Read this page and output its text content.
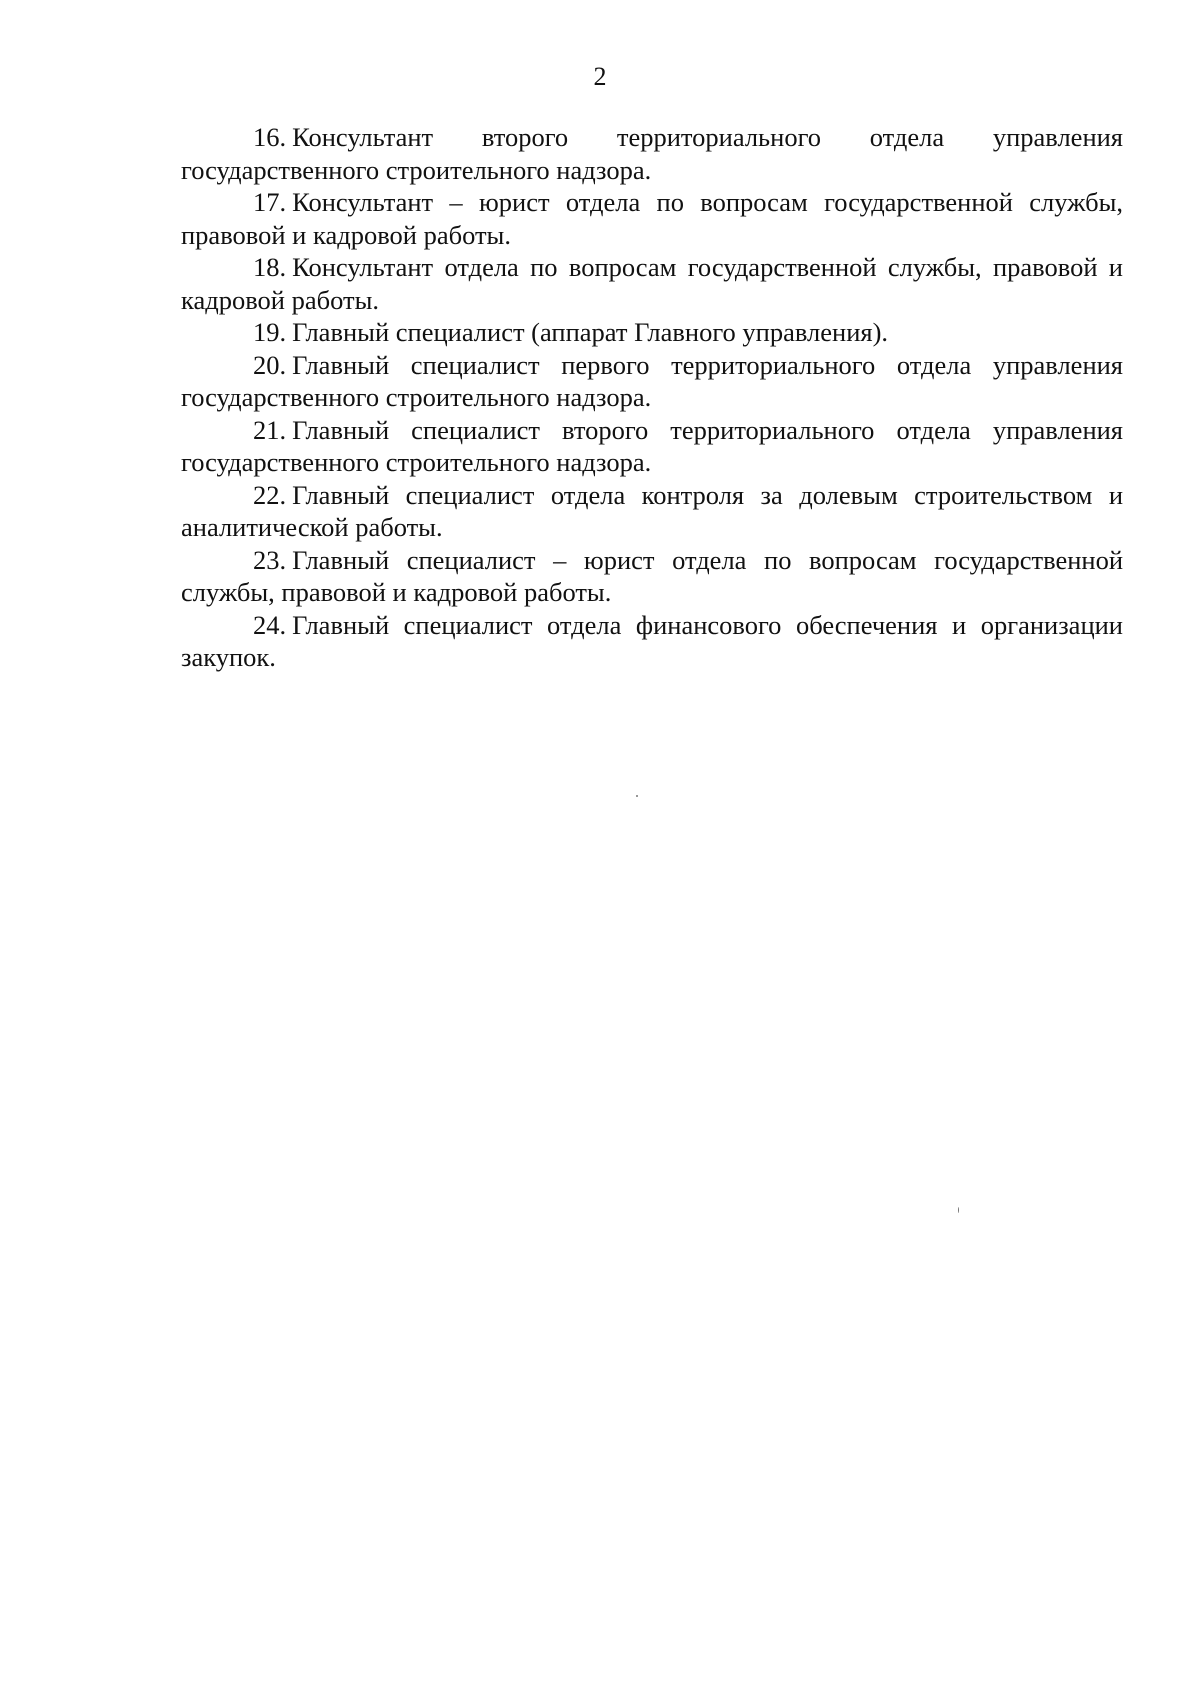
2

16. Консультант второго территориального отдела управления государственного строительного надзора.

17. Консультант – юрист отдела по вопросам государственной службы, правовой и кадровой работы.

18. Консультант отдела по вопросам государственной службы, правовой и кадровой работы.

19. Главный специалист (аппарат Главного управления).

20. Главный специалист первого территориального отдела управления государственного строительного надзора.

21. Главный специалист второго территориального отдела управления государственного строительного надзора.

22. Главный специалист отдела контроля за долевым строительством и аналитической работы.

23. Главный специалист – юрист отдела по вопросам государственной службы, правовой и кадровой работы.

24. Главный специалист отдела финансового обеспечения и организации закупок.
